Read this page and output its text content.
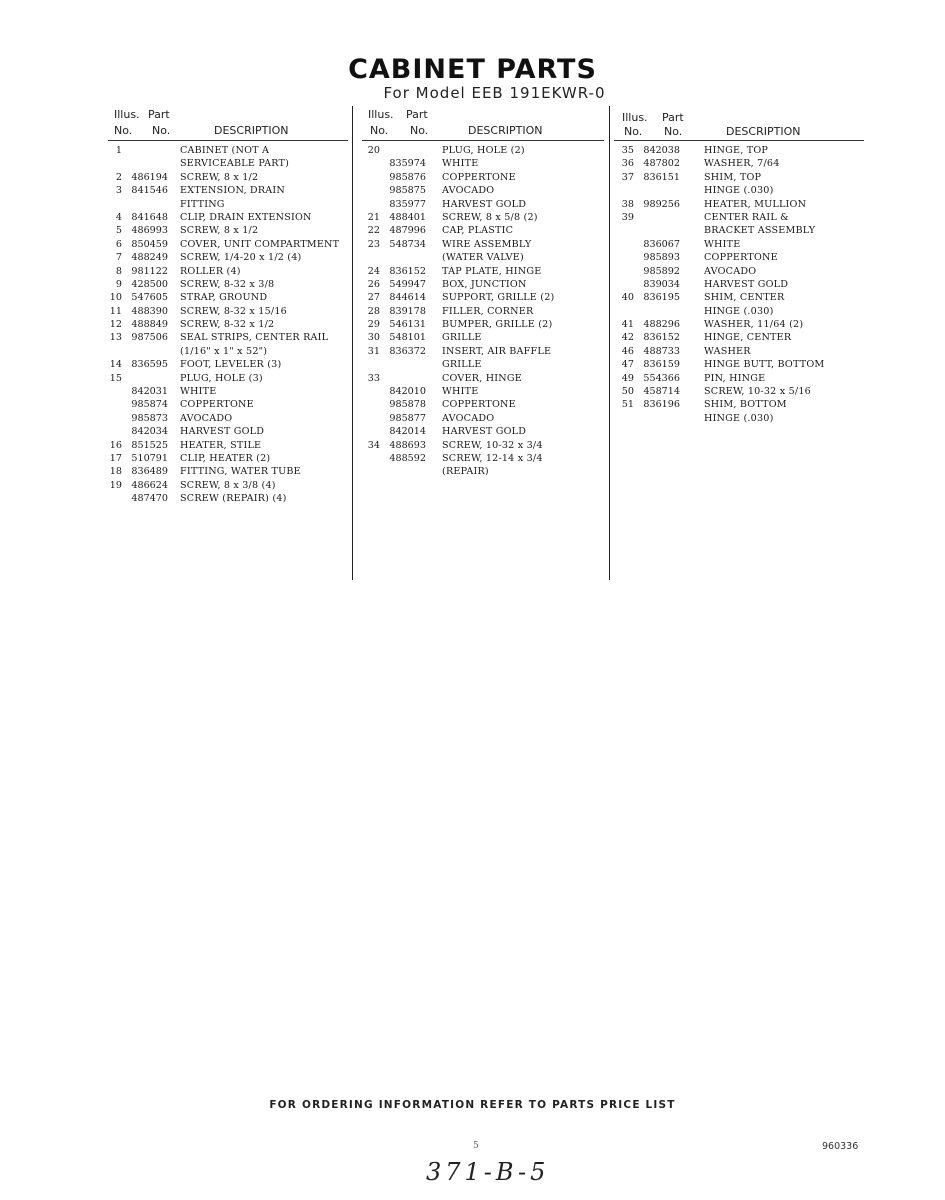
CABINET PARTS
For Model EEB 191EKWR-0
Illus. Part
No. No.	DESCRIPTION
1	CABINET (NOT A
SERVICEABLE PART)
2 486194 SCREW, 8 x 1/2
3 841546 EXTENSION, DRAIN
FITTING
4 841648 CLIP, DRAIN EXTENSION
5 486993 SCREW, 8 x 1/2
6 850459 COVER, UNIT COMPARTMENT
7 488249 SCREW, 1/4-20 x 1/2 (4)
8 981122 ROLLER (4)
9 428500 SCREW, 8-32 x 3/8
10 547605 STRAP, GROUND
11 488390 SCREW, 8-32 x 15/16
12 488849 SCREW, 8-32 x 1/2
13 987506 SEAL STRIPS, CENTER RAIL
(1/16" x 1" x 52")
14 836595 FOOT, LEVELER (3)
15	PLUG, HOLE (3)
842031 WHITE
985874 COPPERTONE
985873 AVOCADO
842034 HARVEST GOLD
16 851525 HEATER, STILE
17 510791 CLIP, HEATER (2)
18 836489 FITTING, WATER TUBE
19 486624 SCREW, 8 x 3/8 (4)
487470 SCREW (REPAIR) (4)
Illus. Part
No. No.	DESCRIPTION
20	PLUG, HOLE (2)
835974 WHITE
985876 COPPERTONE
985875 AVOCADO
835977 HARVEST GOLD
21 488401 SCREW, 8 x 5/8 (2)
22 487996 CAP, PLASTIC
23 548734 WIRE ASSEMBLY
(WATER VALVE)
24 836152 TAP PLATE, HINGE
26 549947 BOX, JUNCTION
27 844614 SUPPORT, GRILLE (2)
28 839178 FILLER, CORNER
29 546131 BUMPER, GRILLE (2)
30 548101 GRILLE
31 836372 INSERT, AIR BAFFLE
GRILLE
33	COVER, HINGE
842010 WHITE
985878 COPPERTONE
985877 AVOCADO
842014 HARVEST GOLD
34 488693 SCREW, 10-32 x 3/4
488592 SCREW, 12-14 x 3/4
(REPAIR)
Illus. Part
No. No.	DESCRIPTION
35 842038	HINGE, TOP
36 487802	WASHER, 7/64
37 836151	SHIM, TOP
HINGE (.030)
38 989256	HEATER, MULLION
39	CENTER RAIL &
BRACKET ASSEMBLY
836067	WHITE
985893	COPPERTONE
985892	AVOCADO
839034	HARVEST GOLD
40 836195	SHIM, CENTER
HINGE (.030)
41 488296	WASHER, 11/64 (2)
42 836152	HINGE, CENTER
46 488733	WASHER
47 836159	HINGE BUTT, BOTTOM
49 554366	PIN, HINGE
50 458714	SCREW, 10-32 x 5/16
51 836196	SHIM, BOTTOM
HINGE (.030)
FOR ORDERING INFORMATION REFER TO PARTS PRICE LIST
5	960336
371-B-5
